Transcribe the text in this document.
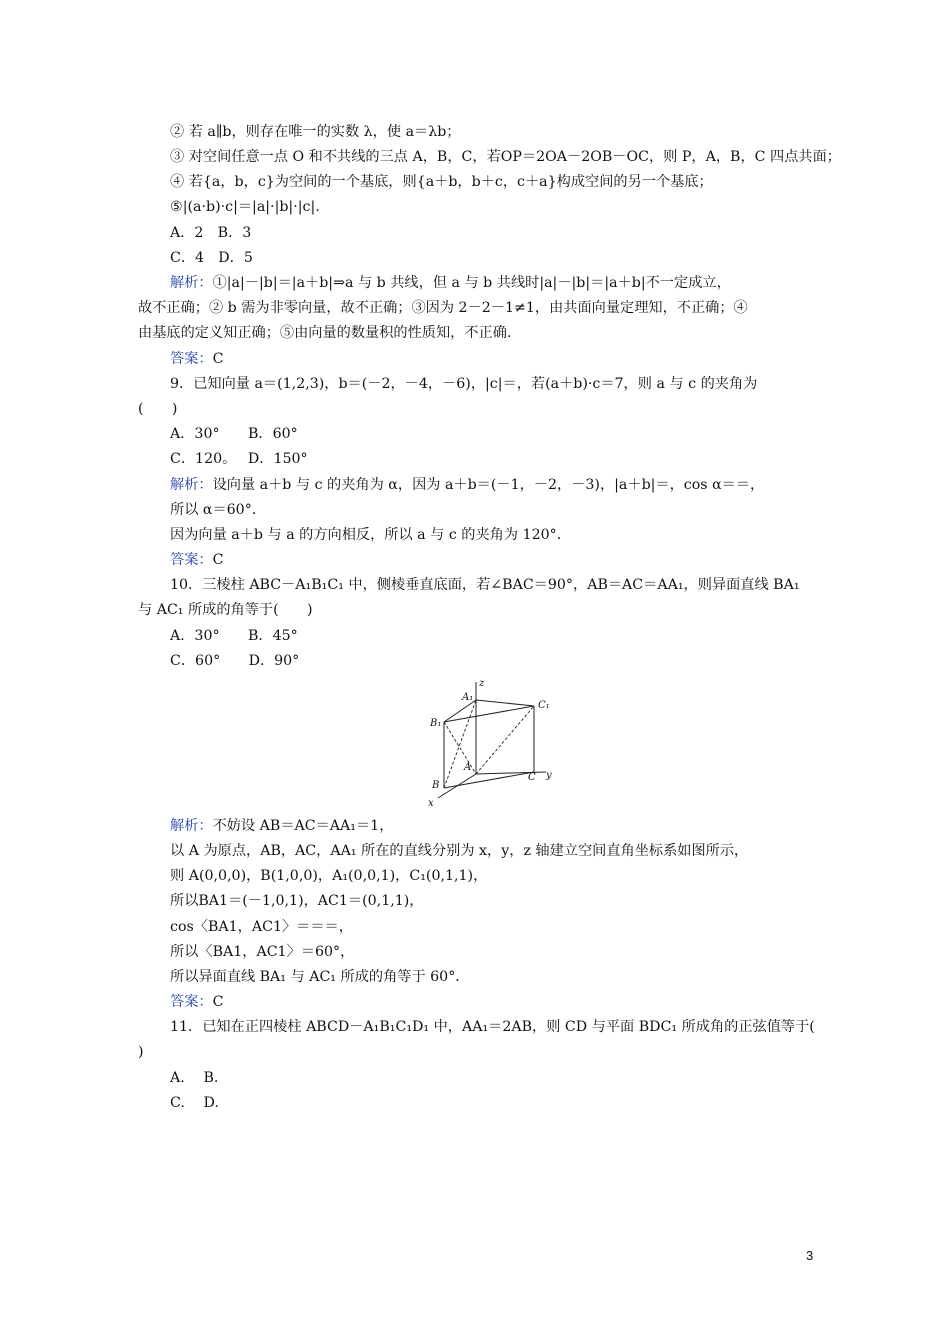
② 若 a∥b，则存在唯一的实数 λ，使 a＝λb；
③ 对空间任意一点 O 和不共线的三点 A，B，C，若OP＝2OA－2OB－OC，则 P，A，B，C 四点共面；
④ 若{a，b，c}为空间的一个基底，则{a＋b，b＋c，c＋a}构成空间的另一个基底；
⑤|(a·b)·c|＝|a|·|b|·|c|.
A．2　B．3
C．4　D．5
解析：①|a|－|b|＝|a＋b|⇒a 与 b 共线，但 a 与 b 共线时|a|－|b|＝|a＋b|不一定成立，
故不正确；② b 需为非零向量，故不正确；③因为 2－2－1≠1，由共面向量定理知，不正确；④
由基底的定义知正确；⑤由向量的数量积的性质知，不正确.
答案：C
9．已知向量 a＝(1,2,3)，b＝(－2，－4，－6)，|c|＝，若(a＋b)·c＝7，则 a 与 c 的夹角为
(　　)
A．30°　　B．60°
C．120。　 D．150°
解析：设向量 a＋b 与 c 的夹角为 α，因为 a＋b＝(－1，－2，－3)，|a＋b|＝，cos α＝＝，
所以 α＝60°．
因为向量 a＋b 与 a 的方向相反，所以 a 与 c 的夹角为 120°．
答案：C
10．三棱柱 ABC－A₁B₁C₁ 中，侧棱垂直底面，若∠BAC＝90°，AB＝AC＝AA₁，则异面直线 BA₁
与 AC₁ 所成的角等于(　　)
A．30°　　B．45°
C．60°　　D．90°
z
A₁
C₁
B₁
A
B
C y
x
解析：不妨设 AB＝AC＝AA₁＝1，
以 A 为原点，AB，AC，AA₁ 所在的直线分别为 x，y，z 轴建立空间直角坐标系如图所示，
则 A(0,0,0)，B(1,0,0)，A₁(0,0,1)，C₁(0,1,1)，
所以BA1＝(－1,0,1)，AC1＝(0,1,1)，
cos〈BA1，AC1〉＝＝＝，
所以〈BA1，AC1〉＝60°，
所以异面直线 BA₁ 与 AC₁ 所成的角等于 60°．
答案：C
11．已知在正四棱柱 ABCD－A₁B₁C₁D₁ 中，AA₁＝2AB，则 CD 与平面 BDC₁ 所成角的正弦值等于(
)
A.　 B.
C.　 D.
3
